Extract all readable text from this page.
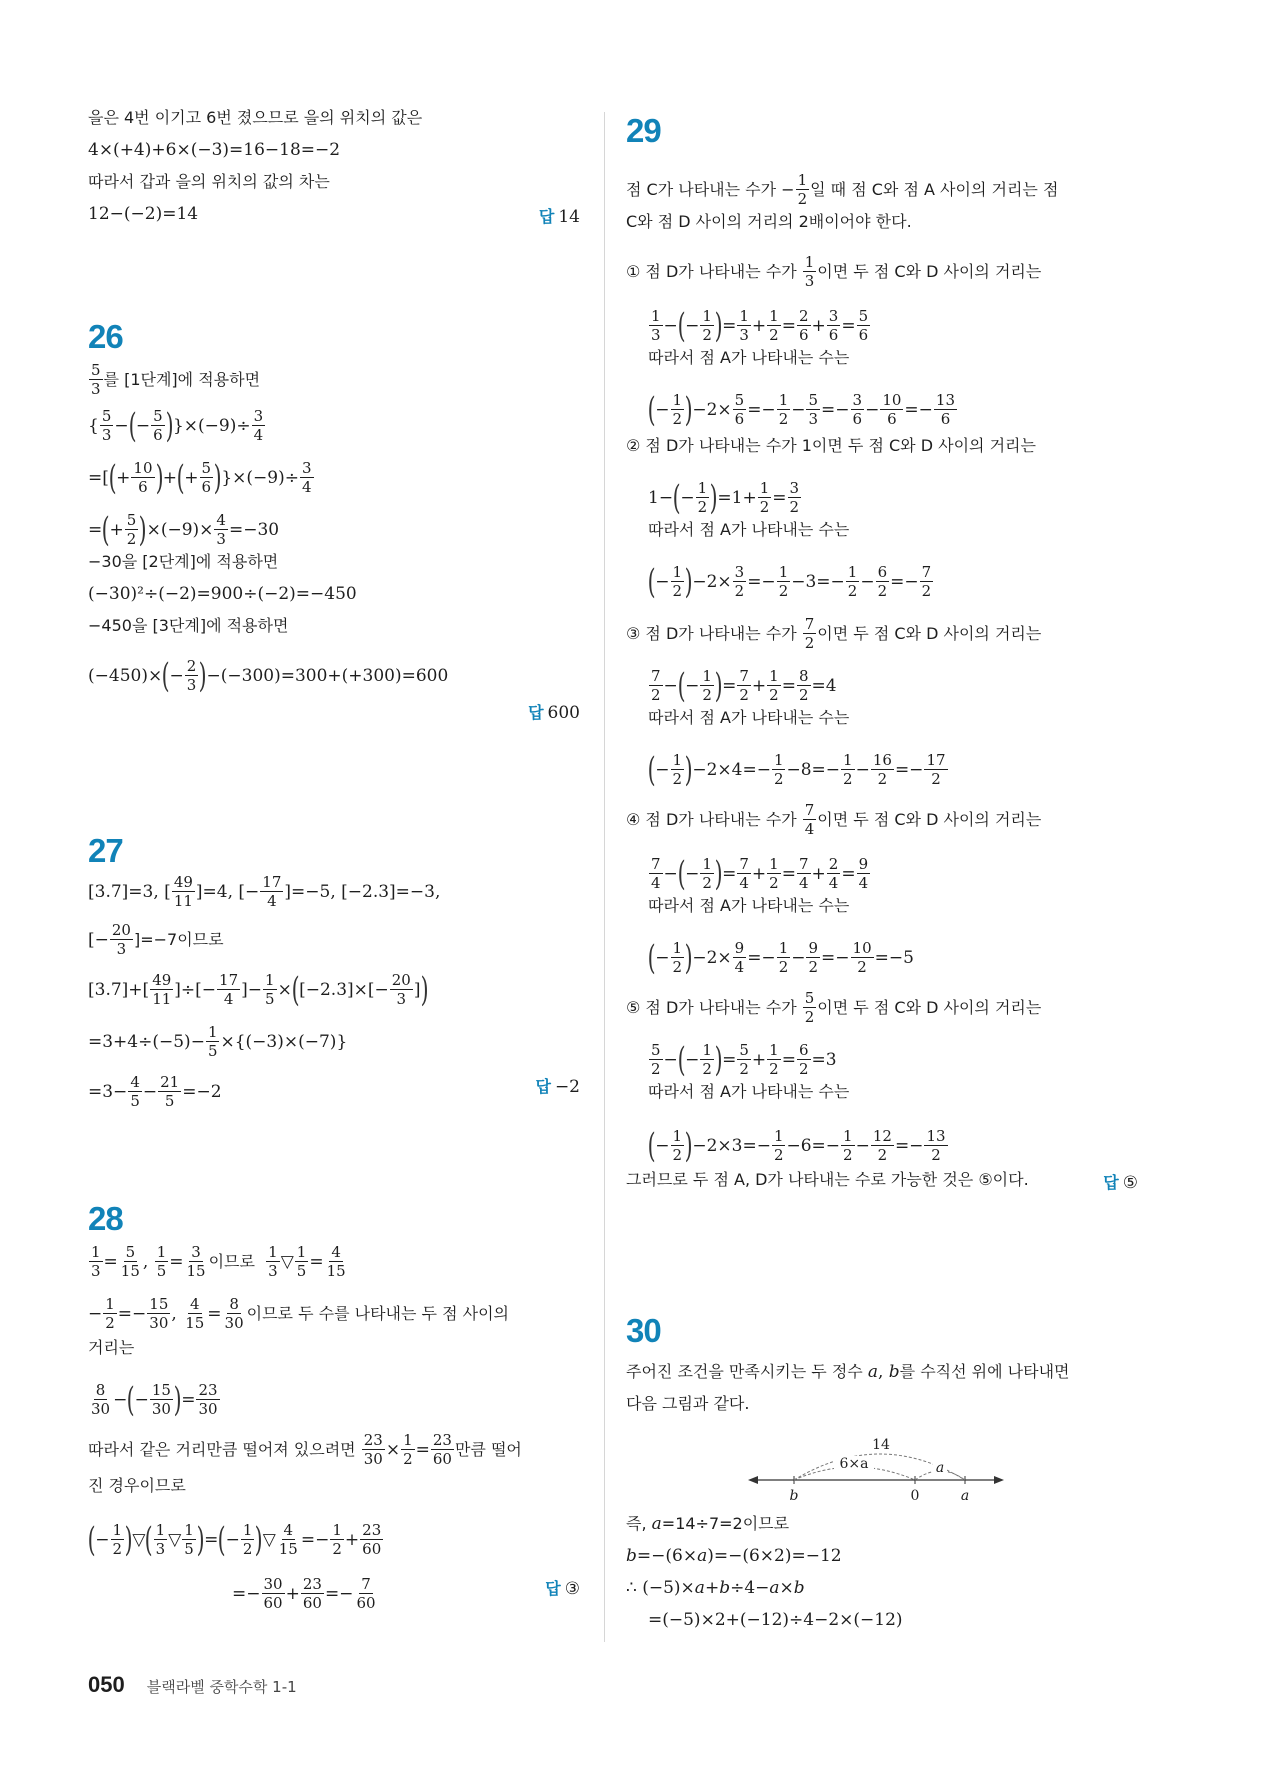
을은 4번 이기고 6번 졌으므로 을의 위치의 값은
4×(+4)+6×(−3)=16−18=−2
따라서 갑과 을의 위치의 값의 차는
12−(−2)=14	답 14
26
$\frac{5}{3}$ 를 [1단계]에 적용하면
{ $\frac{5}{3}$ − ( − $\frac{5}{6}$ ) }$\times(-9)\div \frac{3}{4}$
=[ ( + $\frac{10}{6}$ ) + ( + $\frac{5}{6}$ ) }$\times(-9)\div \frac{3}{4}$
= ( + $\frac{5}{2}$ ) $\times(-9)\times \frac{4}{3} =-30$
−30을 [2단계]에 적용하면
(−30)²÷(−2)=900÷(−2)=−450
−450을 [3단계]에 적용하면
(−450)× ( − $\frac{2}{3}$ ) −(−300)=300+(+300)=600
답 600
27
[3.7]=3, [ $\frac{49}{11} ]=4$, [− $\frac{17}{4} ]=-5$, [−2.3]=−3,
[− $\frac{20}{3} ]=-7$이므로
$[3.7]+[ \frac{49}{11}$ ]÷[− $\frac{17}{4}$ ]− $\frac{1}{5}$ × ( $[-2.3]\times[- \frac{20}{3}$ ] )
$=3+4\div(-5)- \frac{1}{5} \times\{(-3)\times(-7)\}$
$=3- \frac{4}{5} - \frac{21}{5} =-2$	답 −2
28
$\frac{1}{3} = \frac{5}{15}$ , $\frac{1}{5} = \frac{3}{15}$ 이므로 $\frac{1}{3}$ ▽ $\frac{1}{5} = \frac{4}{15}$
− $\frac{1}{2} =- \frac{15}{30}$ , $\frac{4}{15} = \frac{8}{30}$ 이므로 두 수를 나타내는 두 점 사이의
거리는
$\frac{8}{30}$ − ( − $\frac{15}{30}$ ) = $\frac{23}{30}$
따라서 같은 거리만큼 떨어져 있으려면 $\frac{23}{30} \times \frac{1}{2} = \frac{23}{60}$ 만큼 떨어
진 경우이므로
( − $\frac{1}{2}$ ) ▽ ( $\frac{1}{3}$ ▽ $\frac{1}{5}$ ) = ( − $\frac{1}{2}$ ) ▽ $\frac{4}{15} =- \frac{1}{2} + \frac{23}{60}$
=− $\frac{30}{60} + \frac{23}{60} =- \frac{7}{60}$	답 ③
29
점 C가 나타내는 수가 − $\frac{1}{2}$ 일 때 점 C와 점 A 사이의 거리는 점
C와 점 D 사이의 거리의 2배이어야 한다.
① 점 D가 나타내는 수가 $\frac{1}{3}$ 이면 두 점 C와 D 사이의 거리는
$\frac{1}{3}$ − ( − $\frac{1}{2}$ ) = $\frac{1}{3} + \frac{1}{2} = \frac{2}{6} + \frac{3}{6} = \frac{5}{6}$
따라서 점 A가 나타내는 수는
( − $\frac{1}{2}$ ) $-2\times \frac{5}{6} =- \frac{1}{2} - \frac{5}{3} =- \frac{3}{6} - \frac{10}{6} =- \frac{13}{6}$
② 점 D가 나타내는 수가 1이면 두 점 C와 D 사이의 거리는
1− ( − $\frac{1}{2}$ ) $=1+ \frac{1}{2} = \frac{3}{2}$
따라서 점 A가 나타내는 수는
( − $\frac{1}{2}$ ) $-2\times \frac{3}{2} =- \frac{1}{2} -3=- \frac{1}{2} - \frac{6}{2} =- \frac{7}{2}$
③ 점 D가 나타내는 수가 $\frac{7}{2}$ 이면 두 점 C와 D 사이의 거리는
$\frac{7}{2}$ − ( − $\frac{1}{2}$ ) = $\frac{7}{2} + \frac{1}{2} = \frac{8}{2} =4$
따라서 점 A가 나타내는 수는
( − $\frac{1}{2}$ ) $-2\times 4=- \frac{1}{2} -8=- \frac{1}{2} - \frac{16}{2} =- \frac{17}{2}$
④ 점 D가 나타내는 수가 $\frac{7}{4}$ 이면 두 점 C와 D 사이의 거리는
$\frac{7}{4}$ − ( − $\frac{1}{2}$ ) = $\frac{7}{4} + \frac{1}{2} = \frac{7}{4} + \frac{2}{4} = \frac{9}{4}$
따라서 점 A가 나타내는 수는
( − $\frac{1}{2}$ ) $-2\times \frac{9}{4} =- \frac{1}{2} - \frac{9}{2} =- \frac{10}{2} =-5$
⑤ 점 D가 나타내는 수가 $\frac{5}{2}$ 이면 두 점 C와 D 사이의 거리는
$\frac{5}{2}$ − ( − $\frac{1}{2}$ ) = $\frac{5}{2} + \frac{1}{2} = \frac{6}{2} =3$
따라서 점 A가 나타내는 수는
( − $\frac{1}{2}$ ) $-2\times 3=- \frac{1}{2} -6=- \frac{1}{2} - \frac{12}{2} =- \frac{13}{2}$
그러므로 두 점 A, D가 나타내는 수로 가능한 것은 ⑤이다.	답 ⑤
30
주어진 조건을 만족시키는 두 정수 a , b 를 수직선 위에 나타내면
다음 그림과 같다.
즉, a =14÷7=2이므로
b =−(6× a )=−(6×2)=−12
∴ (−5)× a + b ÷4− a × b
=(−5)×2+(−12)÷4−2×(−12)
14
6×a	a
b	0	a
050 블랙라벨 중학수학 1-1
